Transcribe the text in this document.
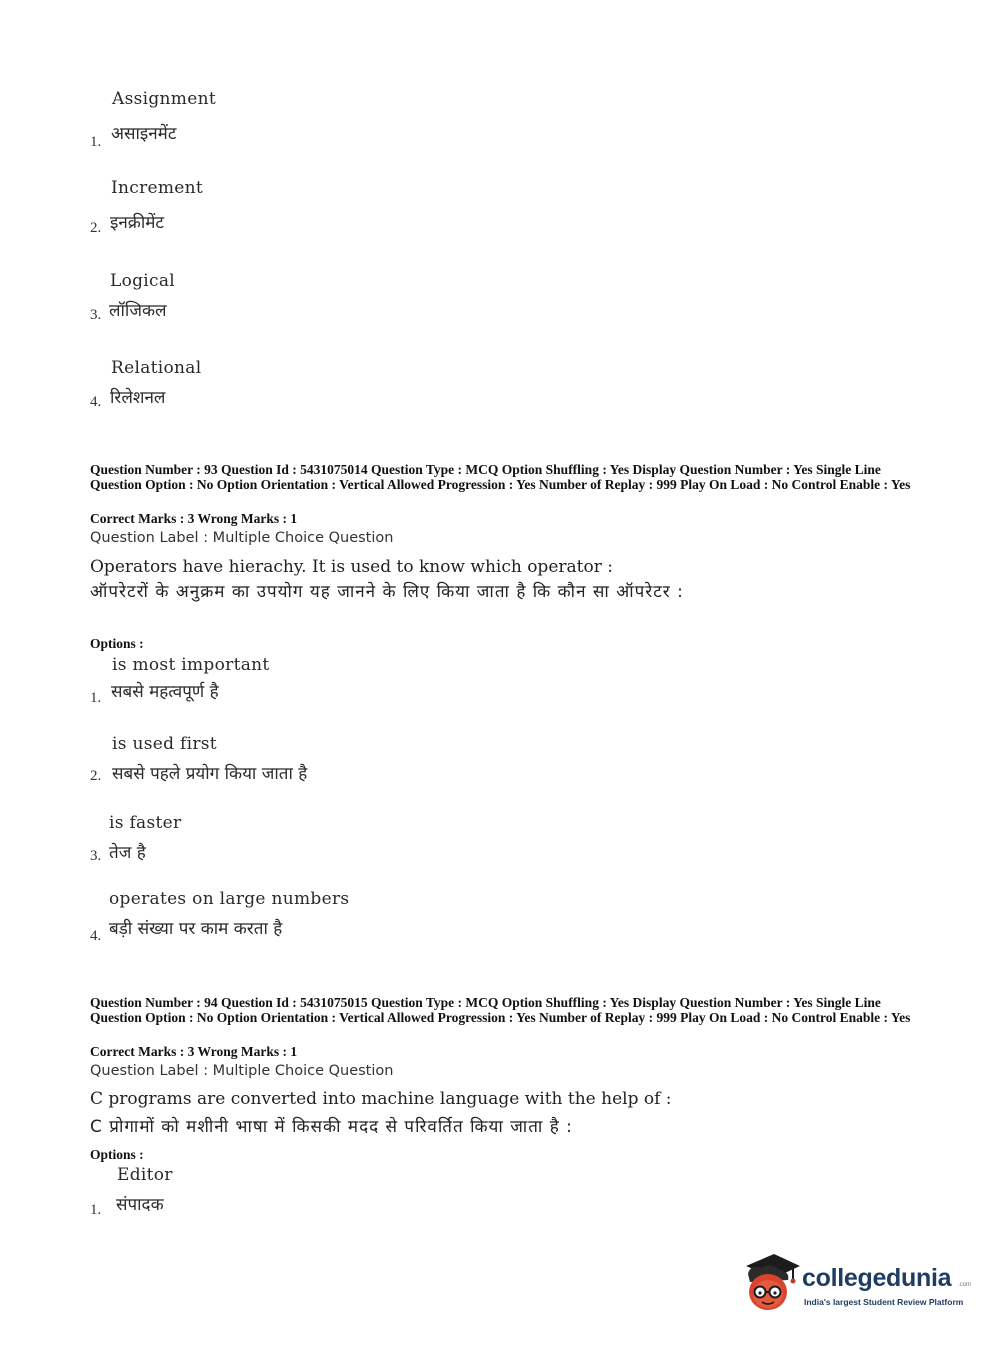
Assignment
असाइनमेंट
1.
Increment
इनक्रीमेंट
2.
Logical
लॉजिकल
3.
Relational
रिलेशनल
4.
Question Number : 93 Question Id : 5431075014 Question Type : MCQ Option Shuffling : Yes Display Question Number : Yes Single Line Question Option : No Option Orientation : Vertical Allowed Progression : Yes Number of Replay : 999 Play On Load : No Control Enable : Yes
Correct Marks : 3 Wrong Marks : 1
Question Label : Multiple Choice Question
Operators have hierachy. It is used to know which operator :
ऑपरेटरों के अनुक्रम का उपयोग यह जानने के लिए किया जाता है कि कौन सा ऑपरेटर :
Options :
is most important
सबसे महत्वपूर्ण है
1.
is used first
सबसे पहले प्रयोग किया जाता है
2.
is faster
तेज है
3.
operates on large numbers
बड़ी संख्या पर काम करता है
4.
Question Number : 94 Question Id : 5431075015 Question Type : MCQ Option Shuffling : Yes Display Question Number : Yes Single Line Question Option : No Option Orientation : Vertical Allowed Progression : Yes Number of Replay : 999 Play On Load : No Control Enable : Yes
Correct Marks : 3 Wrong Marks : 1
Question Label : Multiple Choice Question
C programs are converted into machine language with the help of :
C प्रोगामों को मशीनी भाषा में किसकी मदद से परिवर्तित किया जाता है :
Options :
Editor
संपादक
1.
collegedunia .com
India's largest Student Review Platform
